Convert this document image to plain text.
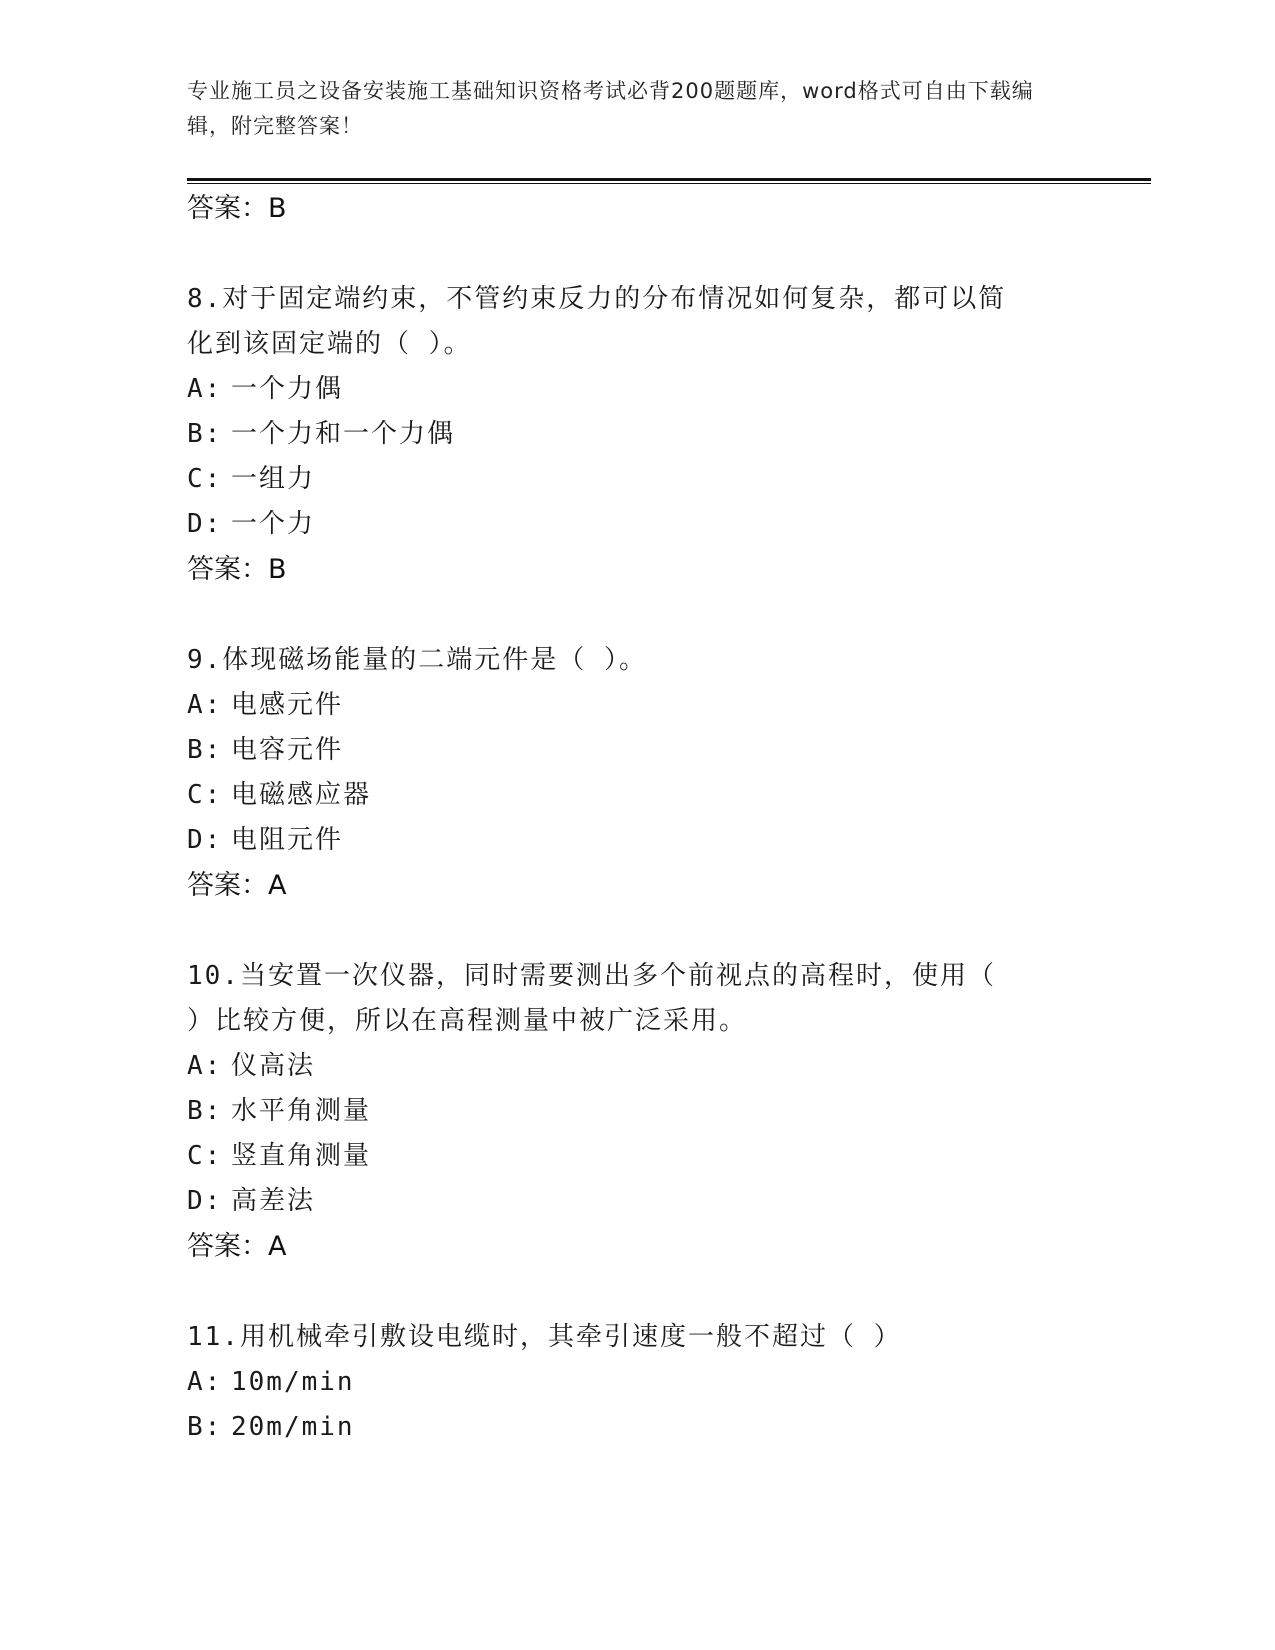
专业施工员之设备安装施工基础知识资格考试必背200题题库，word格式可自由下载编辑，附完整答案！
答案：B
8.对于固定端约束，不管约束反力的分布情况如何复杂，都可以简化到该固定端的（ ）。
A: 一个力偶
B: 一个力和一个力偶
C: 一组力
D: 一个力
答案：B
9.体现磁场能量的二端元件是（ ）。
A: 电感元件
B: 电容元件
C: 电磁感应器
D: 电阻元件
答案：A
10.当安置一次仪器，同时需要测出多个前视点的高程时，使用（ ）比较方便，所以在高程测量中被广泛采用。
A: 仪高法
B: 水平角测量
C: 竖直角测量
D: 高差法
答案：A
11.用机械牵引敷设电缆时，其牵引速度一般不超过（ ）
A: 10m/min
B: 20m/min
